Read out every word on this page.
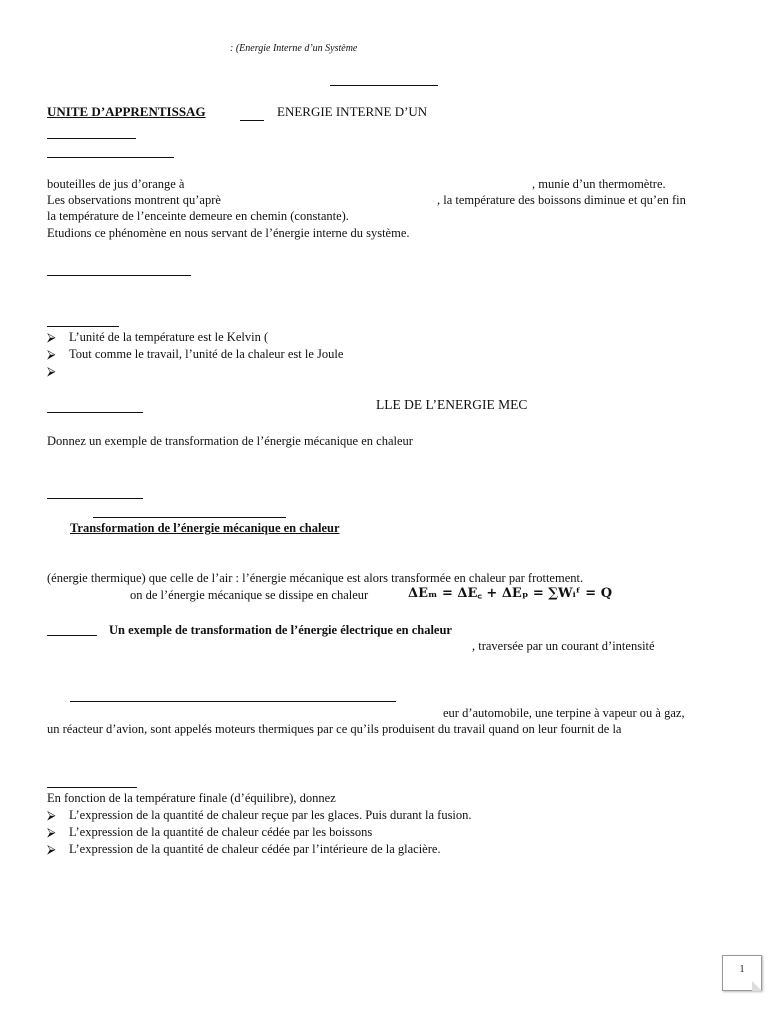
: (Energie Interne d’un Système
UNITE D’APPRENTISSAG	ENERGIE INTERNE D’UN
bouteilles de jus d’orange à	, munie d’un thermomètre.
Les observations montrent qu’aprè	, la température des boissons diminue et qu’en fin
la température de l’enceinte demeure en chemin (constante).
Etudions ce phénomène en nous servant de l’énergie interne du système.
⮚ L’unité de la température est le Kelvin (
⮚ Tout comme le travail, l’unité de la chaleur est le Joule
⮚
LLE DE L’ENERGIE MEC
Donnez un exemple de transformation de l’énergie mécanique en chaleur
Transformation de l’énergie mécanique en chaleur
(énergie thermique) que celle de l’air : l’énergie mécanique est alors transformée en chaleur par frottement.
on de l’énergie mécanique se dissipe en chaleur	ΔEₘ = ΔE꜀ + ΔEₚ = ∑Wᵢᶠ = Q
Un exemple de transformation de l’énergie électrique en chaleur
, traversée par un courant d’intensité
eur d’automobile, une terpine à vapeur ou à gaz,
un réacteur d’avion, sont appelés moteurs thermiques par ce qu’ils produisent du travail quand on leur fournit de la
En fonction de la température finale (d’équilibre), donnez
⮚ L’expression de la quantité de chaleur reçue par les glaces. Puis durant la fusion.
⮚ L’expression de la quantité de chaleur cédée par les boissons
⮚ L’expression de la quantité de chaleur cédée par l’intérieure de la glacière.
1
